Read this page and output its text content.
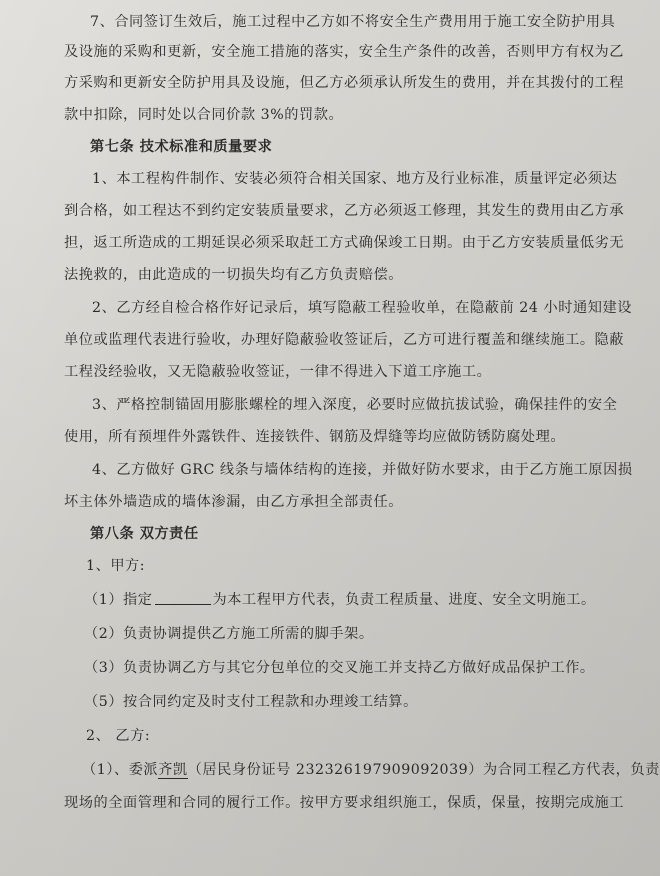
7、合同签订生效后，施工过程中乙方如不将安全生产费用用于施工安全防护用具
及设施的采购和更新，安全施工措施的落实，安全生产条件的改善，否则甲方有权为乙
方采购和更新安全防护用具及设施，但乙方必须承认所发生的费用，并在其拨付的工程
款中扣除，同时处以合同价款 3%的罚款。
第七条 技术标准和质量要求
1、本工程构件制作、安装必须符合相关国家、地方及行业标准，质量评定必须达
到合格，如工程达不到约定安装质量要求，乙方必须返工修理，其发生的费用由乙方承
担，返工所造成的工期延误必须采取赶工方式确保竣工日期。由于乙方安装质量低劣无
法挽救的，由此造成的一切损失均有乙方负责赔偿。
2、乙方经自检合格作好记录后，填写隐蔽工程验收单，在隐蔽前 24 小时通知建设
单位或监理代表进行验收，办理好隐蔽验收签证后，乙方可进行覆盖和继续施工。隐蔽
工程没经验收，又无隐蔽验收签证，一律不得进入下道工序施工。
3、严格控制锚固用膨胀螺栓的埋入深度，必要时应做抗拔试验，确保挂件的安全
使用，所有预埋件外露铁件、连接铁件、钢筋及焊缝等均应做防锈防腐处理。
4、乙方做好 GRC 线条与墙体结构的连接，并做好防水要求，由于乙方施工原因损
坏主体外墙造成的墙体渗漏，由乙方承担全部责任。
第八条 双方责任
1、甲方:
（1）指定	为本工程甲方代表，负责工程质量、进度、安全文明施工。
（2）负责协调提供乙方施工所需的脚手架。
（3）负责协调乙方与其它分包单位的交叉施工并支持乙方做好成品保护工作。
（5）按合同约定及时支付工程款和办理竣工结算。
2、 乙方:
（1）、委派齐凯（居民身份证号 232326197909092039）为合同工程乙方代表，负责
现场的全面管理和合同的履行工作。按甲方要求组织施工，保质，保量，按期完成施工
